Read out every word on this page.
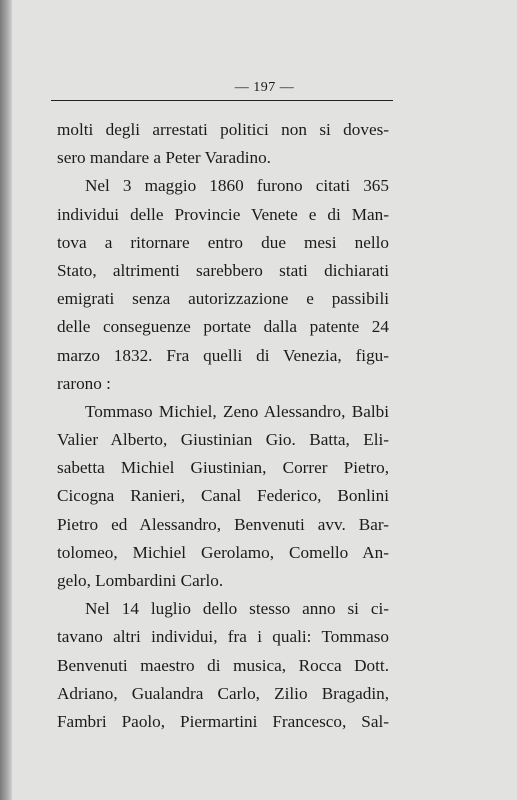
— 197 —
molti degli arrestati politici non si doves-
sero mandare a Peter Varadino.
Nel 3 maggio 1860 furono citati 365
individui delle Provincie Venete e di Man-
tova a ritornare entro due mesi nello
Stato, altrimenti sarebbero stati dichiarati
emigrati senza autorizzazione e passibili
delle conseguenze portate dalla patente 24
marzo 1832. Fra quelli di Venezia, figu-
rarono :
Tommaso Michiel, Zeno Alessandro, Balbi
Valier Alberto, Giustinian Gio. Batta, Eli-
sabetta Michiel Giustinian, Correr Pietro,
Cicogna Ranieri, Canal Federico, Bonlini
Pietro ed Alessandro, Benvenuti avv. Bar-
tolomeo, Michiel Gerolamo, Comello An-
gelo, Lombardini Carlo.
Nel 14 luglio dello stesso anno si ci-
tavano altri individui, fra i quali: Tommaso
Benvenuti maestro di musica, Rocca Dott.
Adriano, Gualandra Carlo, Zilio Bragadin,
Fambri Paolo, Piermartini Francesco, Sal-
